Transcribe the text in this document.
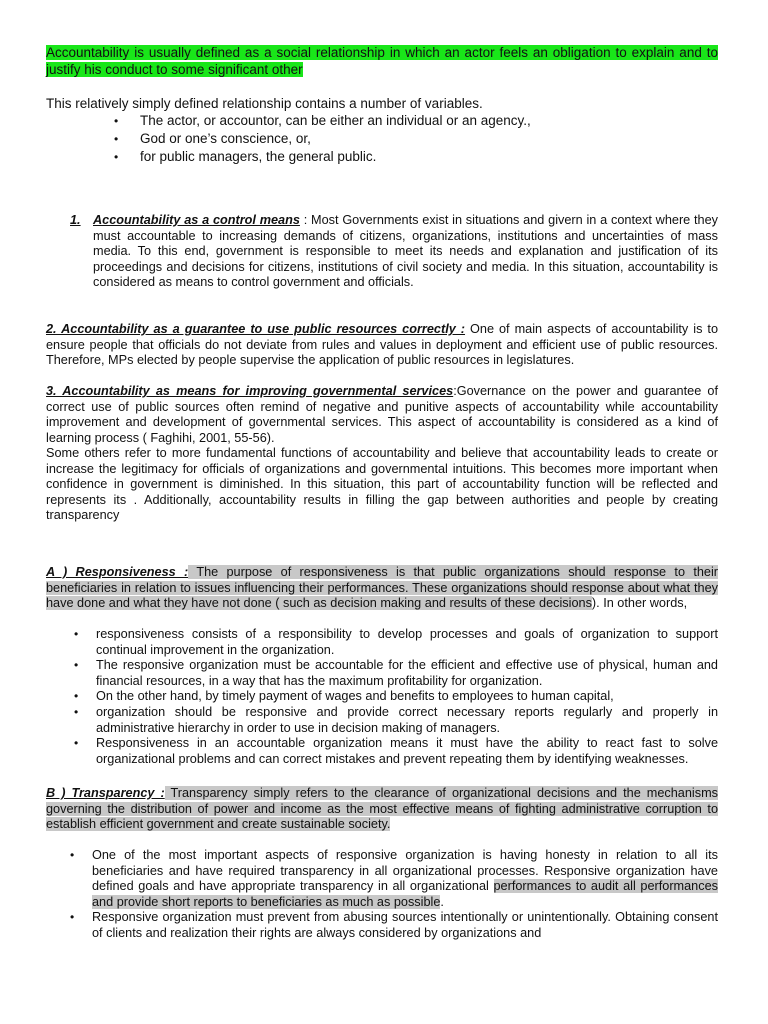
Accountability is usually defined as a social relationship in which an actor feels an obligation to explain and to justify his conduct to some significant other
This relatively simply defined relationship contains a number of variables.
• The actor, or accountor, can be either an individual or an agency.,
• God or one’s conscience, or,
• for public managers, the general public.
1. Accountability as a control means : Most Governments exist in situations and givern in a context where they must accountable to increasing demands of citizens, organizations, institutions and uncertainties of mass media. To this end, government is responsible to meet its needs and explanation and justification of its proceedings and decisions for citizens, institutions of civil society and media. In this situation, accountability is considered as means to control government and officials.
2. Accountability as a guarantee to use public resources correctly : One of main aspects of accountability is to ensure people that officials do not deviate from rules and values in deployment and efficient use of public resources. Therefore, MPs elected by people supervise the application of public resources in legislatures.
3. Accountability as means for improving governmental services:Governance on the power and guarantee of correct use of public sources often remind of negative and punitive aspects of accountability while accountability improvement and development of governmental services. This aspect of accountability is considered as a kind of learning process ( Faghihi, 2001, 55-56).
Some others refer to more fundamental functions of accountability and believe that accountability leads to create or increase the legitimacy for officials of organizations and governmental intuitions. This becomes more important when confidence in government is diminished. In this situation, this part of accountability function will be reflected and represents its . Additionally, accountability results in filling the gap between authorities and people by creating transparency
A ) Responsiveness : The purpose of responsiveness is that public organizations should response to their beneficiaries in relation to issues influencing their performances. These organizations should response about what they have done and what they have not done ( such as decision making and results of these decisions). In other words,
• responsiveness consists of a responsibility to develop processes and goals of organization to support continual improvement in the organization.
• The responsive organization must be accountable for the efficient and effective use of physical, human and financial resources, in a way that has the maximum profitability for organization.
• On the other hand, by timely payment of wages and benefits to employees to human capital,
• organization should be responsive and provide correct necessary reports regularly and properly in administrative hierarchy in order to use in decision making of managers.
• Responsiveness in an accountable organization means it must have the ability to react fast to solve organizational problems and can correct mistakes and prevent repeating them by identifying weaknesses.
B ) Transparency : Transparency simply refers to the clearance of organizational decisions and the mechanisms governing the distribution of power and income as the most effective means of fighting administrative corruption to establish efficient government and create sustainable society.
• One of the most important aspects of responsive organization is having honesty in relation to all its beneficiaries and have required transparency in all organizational processes. Responsive organization have defined goals and have appropriate transparency in all organizational performances to audit all performances and provide short reports to beneficiaries as much as possible.
• Responsive organization must prevent from abusing sources intentionally or unintentionally. Obtaining consent of clients and realization their rights are always considered by organizations and
